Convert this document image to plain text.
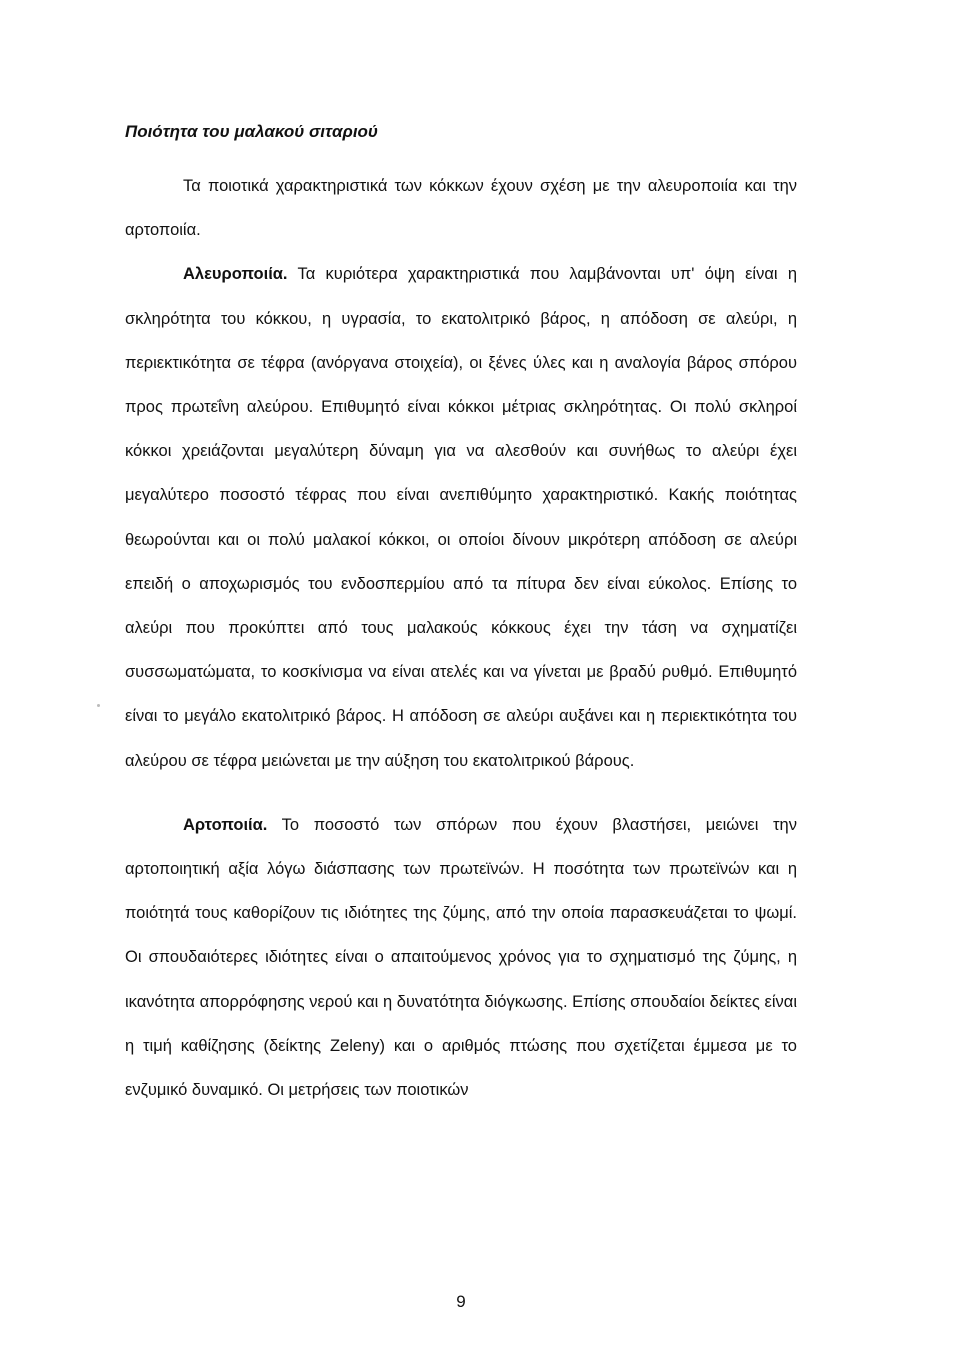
Ποιότητα του μαλακού σιταριού

Τα ποιοτικά χαρακτηριστικά των κόκκων έχουν σχέση με την αλευροποιία και την αρτοποιία.

Αλευροποιία. Τα κυριότερα χαρακτηριστικά που λαμβάνονται υπ' όψη είναι η σκληρότητα του κόκκου, η υγρασία, το εκατολιτρικό βάρος, η απόδοση σε αλεύρι, η περιεκτικότητα σε τέφρα (ανόργανα στοιχεία), οι ξένες ύλες και η αναλογία βάρος σπόρου προς πρωτεΐνη αλεύρου. Επιθυμητό είναι κόκκοι μέτριας σκληρότητας. Οι πολύ σκληροί κόκκοι χρειάζονται μεγαλύτερη δύναμη για να αλεσθούν και συνήθως το αλεύρι έχει μεγαλύτερο ποσοστό τέφρας που είναι ανεπιθύμητο χαρακτηριστικό. Κακής ποιότητας θεωρούνται και οι πολύ μαλακοί κόκκοι, οι οποίοι δίνουν μικρότερη απόδοση σε αλεύρι επειδή ο αποχωρισμός του ενδοσπερμίου από τα πίτυρα δεν είναι εύκολος. Επίσης το αλεύρι που προκύπτει από τους μαλακούς κόκκους έχει την τάση να σχηματίζει συσσωματώματα, το κοσκίνισμα να είναι ατελές και να γίνεται με βραδύ ρυθμό. Επιθυμητό είναι το μεγάλο εκατολιτρικό βάρος. Η απόδοση σε αλεύρι αυξάνει και η περιεκτικότητα του αλεύρου σε τέφρα μειώνεται με την αύξηση του εκατολιτρικού βάρους.

Αρτοποιία. Το ποσοστό των σπόρων που έχουν βλαστήσει, μειώνει την αρτοποιητική αξία λόγω διάσπασης των πρωτεϊνών. Η ποσότητα των πρωτεϊνών και η ποιότητά τους καθορίζουν τις ιδιότητες της ζύμης, από την οποία παρασκευάζεται το ψωμί. Οι σπουδαιότερες ιδιότητες είναι ο απαιτούμενος χρόνος για το σχηματισμό της ζύμης, η ικανότητα απορρόφησης νερού και η δυνατότητα διόγκωσης. Επίσης σπουδαίοι δείκτες είναι η τιμή καθίζησης (δείκτης Zeleny) και ο αριθμός πτώσης που σχετίζεται έμμεσα με το ενζυμικό δυναμικό. Οι μετρήσεις των ποιοτικών

9
